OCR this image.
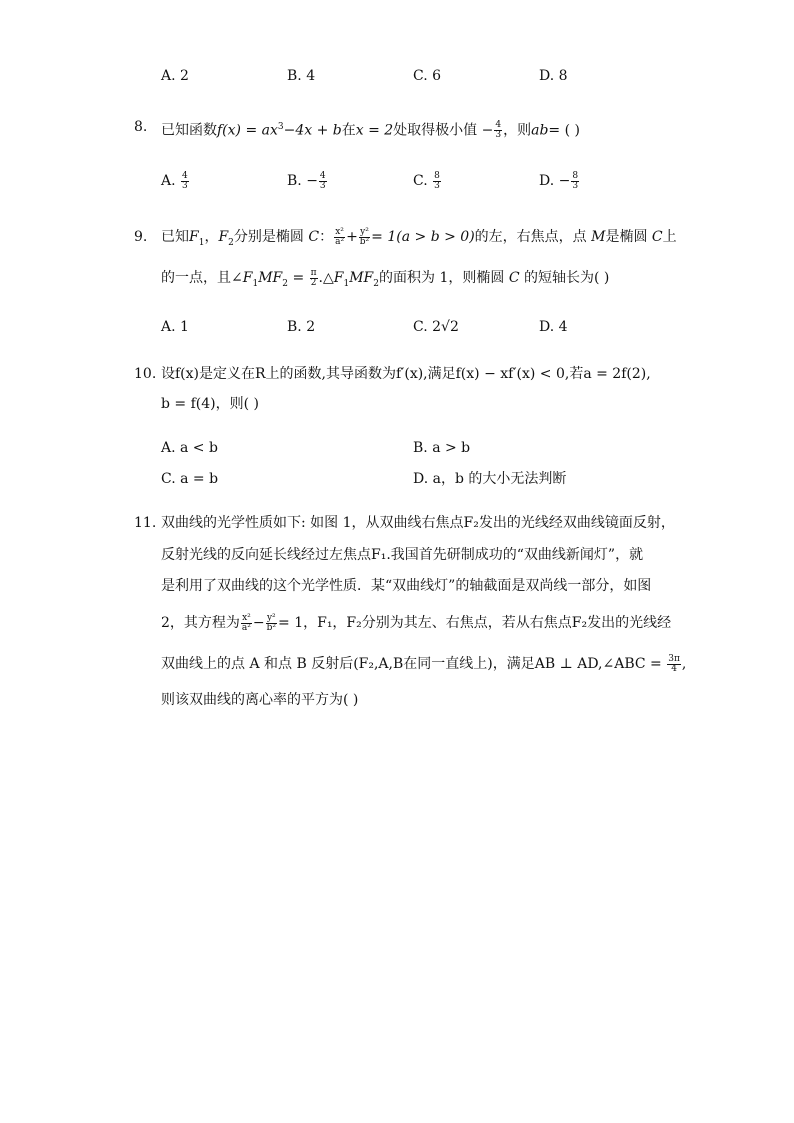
A. 2	B. 4	C. 6	D. 8
8. 已知函数$f(x) = ax^3-4x + b$在x = 2处取得极小值 − $\frac{4}{3}$ ，则ab= ( )
A. $\frac{4}{3}$	B. − $\frac{4}{3}$	C. $\frac{8}{3}$	D. − $\frac{8}{3}$
9. 已知$F_1$，$F_2$分别是椭圆 C： $\frac{\text{x²}}{\text{a²}} + \frac{\text{y²}}{\text{b²}} = 1(a > b > 0)$的左，右焦点，点 M是椭圆 C上
的一点，且$\angle F_1MF_2 = \frac{\pi}{2}$ $.\triangle F_1MF_2$的面积为 1，则椭圆 C 的短轴长为( )
A. 1	B. 2	C. 2√2	D. 4
10. 设f(x)是定义在R上的函数,其导函数为f′(x),满足f(x) − xf′(x) < 0,若a = 2f(2),
b = f(4)，则( )
A. a < b	B. a > b
C. a = b	D. a，b 的大小无法判断
11. 双曲线的光学性质如下: 如图 1，从双曲线右焦点F₂发出的光线经双曲线镜面反射，
反射光线的反向延长线经过左焦点F₁.我国首先研制成功的“双曲线新闻灯”，就
是利用了双曲线的这个光学性质．某“双曲线灯”的轴截面是双尚线一部分，如图
2，其方程为 $\frac{\text{x²}}{\text{a²}} - \frac{\text{y²}}{\text{b²}} = 1$，F₁，F₂分别为其左、右焦点，若从右焦点F₂发出的光线经
双曲线上的点 A 和点 B 反射后(F₂,A,B在同一直线上)，满足AB ⊥ AD,∠ABC = $\frac{3\pi}{4}$ ,
则该双曲线的离心率的平方为( )
